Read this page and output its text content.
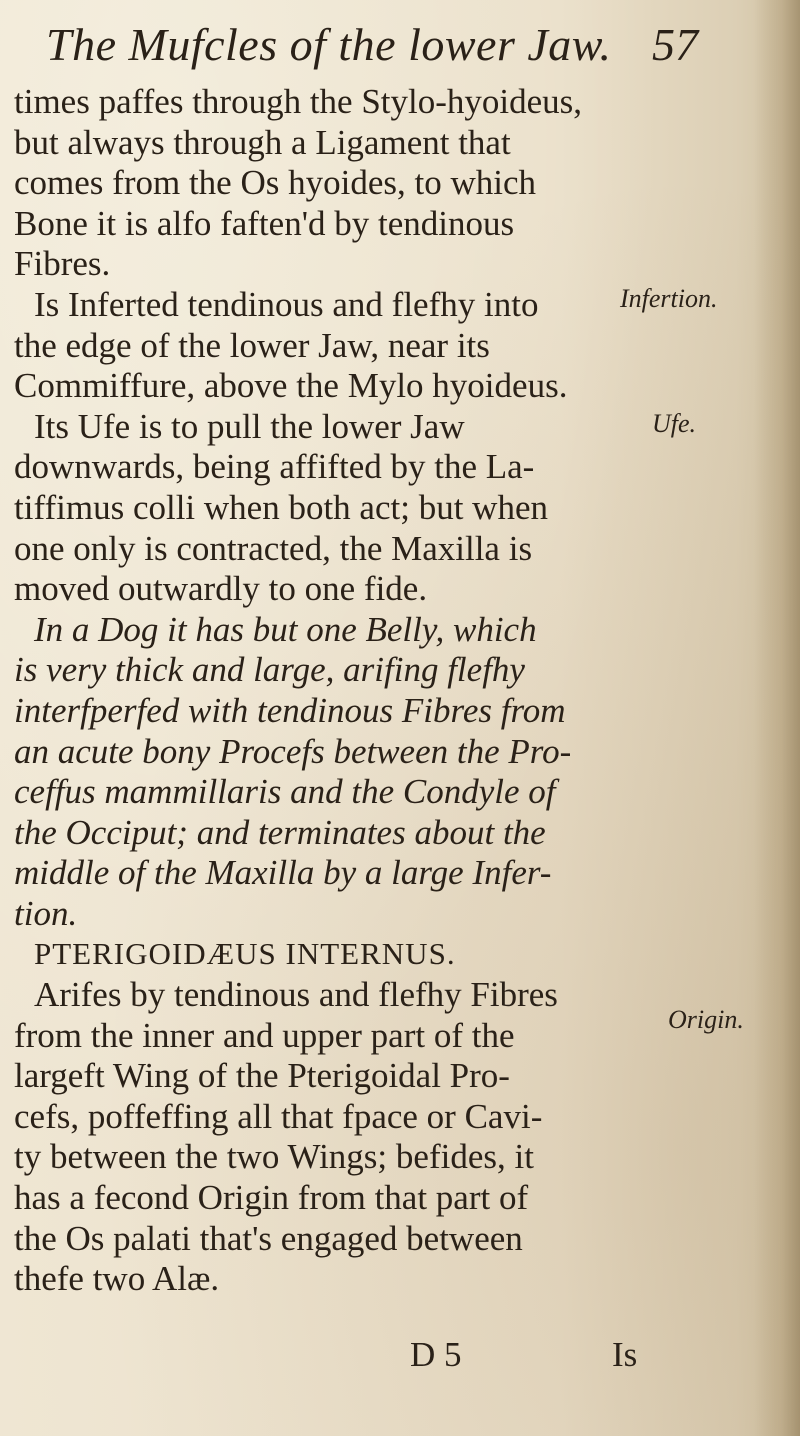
The Mufcles of the lower Jaw. 57
times paffes through the Stylo-hyoideus,
but always through a Ligament that
comes from the Os hyoides, to which
Bone it is alfo faften'd by tendinous
Fibres.
Is Inferted tendinous and flefhy into
the edge of the lower Jaw, near its
Commiffure, above the Mylo hyoideus.
Its Ufe is to pull the lower Jaw
downwards, being affifted by the La-
tiffimus colli when both act; but when
one only is contracted, the Maxilla is
moved outwardly to one fide.
In a Dog it has but one Belly, which
is very thick and large, arifing flefhy
interfperfed with tendinous Fibres from
an acute bony Procefs between the Pro-
ceffus mammillaris and the Condyle of
the Occiput; and terminates about the
middle of the Maxilla by a large Infer-
tion.
PTERIGOIDÆUS INTERNUS.
Arifes by tendinous and flefhy Fibres
from the inner and upper part of the
largeft Wing of the Pterigoidal Pro-
cefs, poffeffing all that fpace or Cavi-
ty between the two Wings; befides, it
has a fecond Origin from that part of
the Os palati that's engaged between
thefe two Alæ.
Infertion.
Ufe.
Origin.
D 5	Is
